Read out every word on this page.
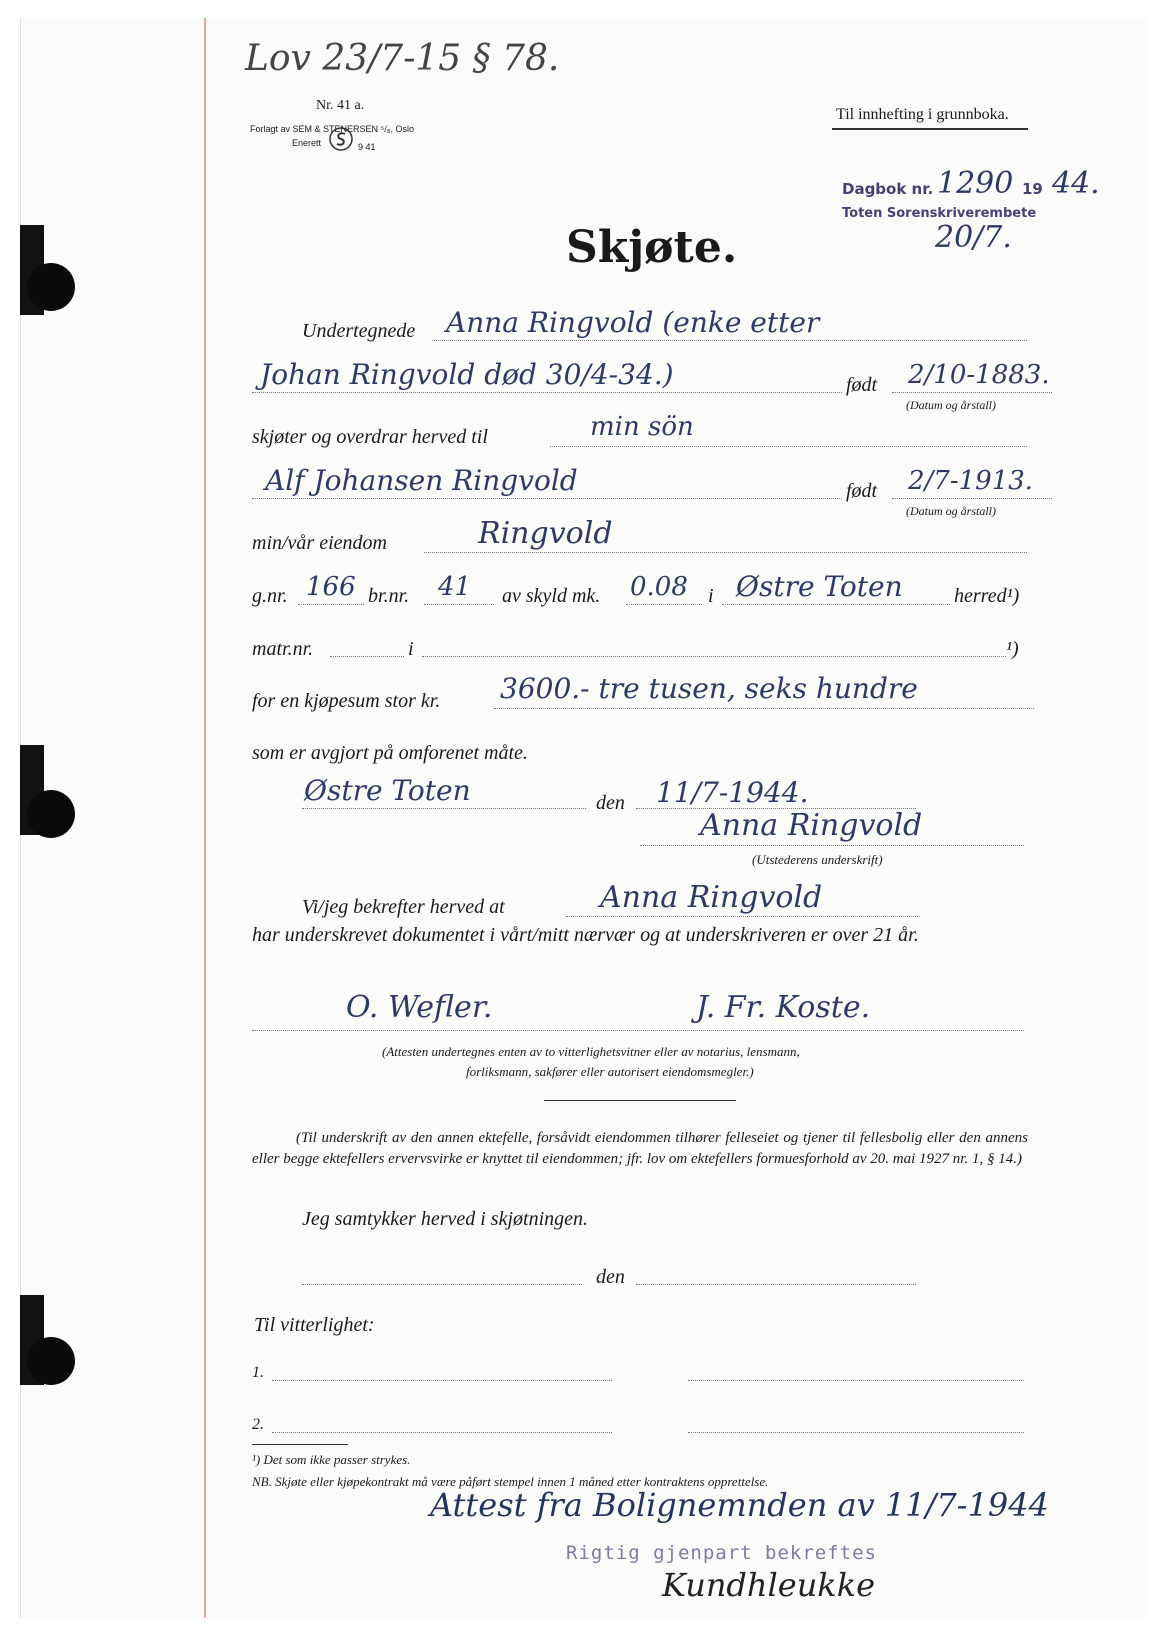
Lov 23/7-15 § 78.
Nr. 41 a.
Forlagt av SEM & STENERSEN ⁵/₈, Oslo
Enerett	9 41
Til innhefting i grunnboka.
Dagbok nr. 1290 19 44.
Toten Sorenskriverembete
20/7.
Skjøte.
Undertegnede Anna Ringvold (enke etter
Johan Ringvold død 30/4-34.)	født 2/10-1883.
(Datum og årstall)
skjøter og overdrar herved til	min sön
Alf Johansen Ringvold	født 2/7-1913.
(Datum og årstall)
min/vår eiendom	Ringvold
g.nr. 166 br.nr. 41 av skyld mk. 0.08 i Østre Toten	herred¹)
matr.nr.	i	¹)
for en kjøpesum stor kr. 3600.- tre tusen, seks hundre
som er avgjort på omforenet måte.
Østre Toten	den 11/7-1944.
Anna Ringvold
(Utstederens underskrift)
Vi/jeg bekrefter herved at	Anna Ringvold
har underskrevet dokumentet i vårt/mitt nærvær og at underskriveren er over 21 år.
O. Wefler.	J. Fr. Koste.
(Attesten undertegnes enten av to vitterlighetsvitner eller av notarius, lensmann,
forliksmann, sakfører eller autorisert eiendomsmegler.)
(Til underskrift av den annen ektefelle, forsåvidt eiendommen tilhører felleseiet og tjener til fellesbolig eller den annens eller begge ektefellers ervervsvirke er knyttet til eiendommen; jfr. lov om ektefellers formuesforhold av 20. mai 1927 nr. 1, § 14.)
Jeg samtykker herved i skjøtningen.
den
Til vitterlighet:
1.
2.
¹) Det som ikke passer strykes.
NB. Skjøte eller kjøpekontrakt må være påført stempel innen 1 måned etter kontraktens opprettelse.
Attest fra Bolignemnden av 11/7-1944
Rigtig gjenpart bekreftes
Kundhleukke
